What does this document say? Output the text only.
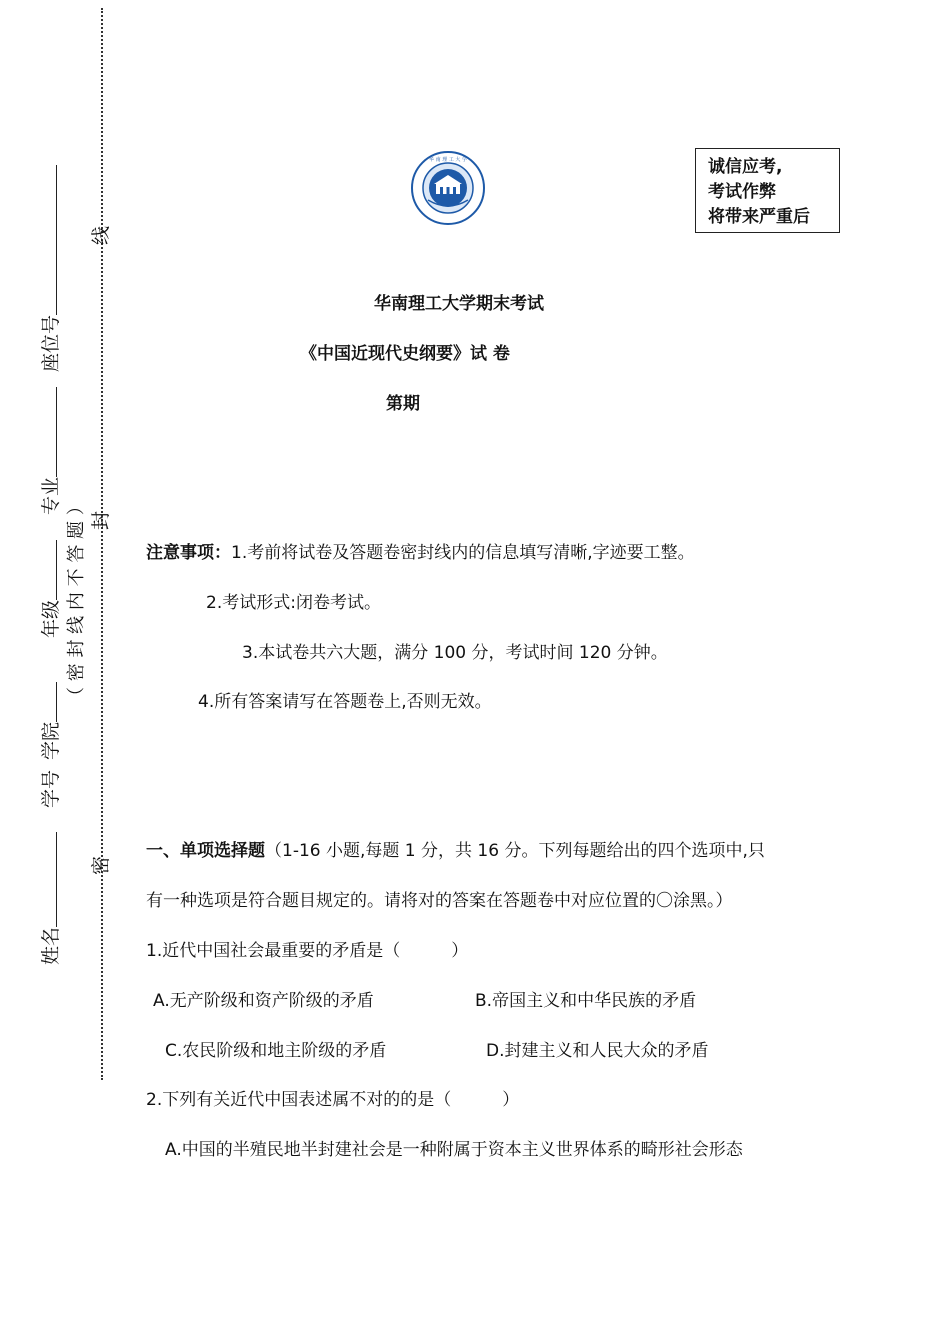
姓名
学号
学院
年级
专业
座位号
（ 密 封 线 内 不 答 题 ）
密
封
线
华 南 理 工 大 学	诚信应考,
考试作弊
将带来严重后
华南理工大学期末考试
《中国近现代史纲要》试 卷
第期
注意事项：1.考前将试卷及答题卷密封线内的信息填写清晰,字迹要工整。
2.考试形式:闭卷考试。
3.本试卷共六大题，满分 100 分，考试时间 120 分钟。
4.所有答案请写在答题卷上,否则无效。
一、单项选择题（1-16 小题,每题 1 分，共 16 分。下列每题给出的四个选项中,只
有一种选项是符合题目规定的。请将对的答案在答题卷中对应位置的〇涂黑。）
1.近代中国社会最重要的矛盾是（　　　）
A.无产阶级和资产阶级的矛盾	B.帝国主义和中华民族的矛盾
C.农民阶级和地主阶级的矛盾	D.封建主义和人民大众的矛盾
2.下列有关近代中国表述属不对的的是（　　　）
A.中国的半殖民地半封建社会是一种附属于资本主义世界体系的畸形社会形态
